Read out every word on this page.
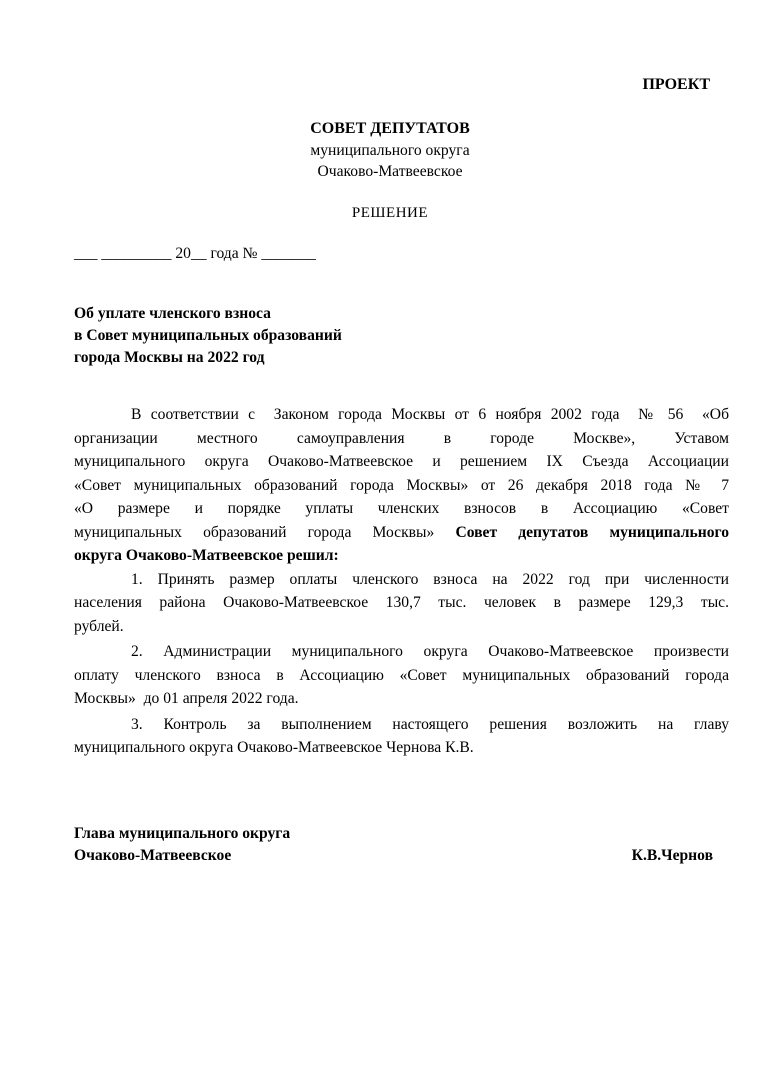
ПРОЕКТ
СОВЕТ ДЕПУТАТОВ
муниципального округа
Очаково-Матвеевское
РЕШЕНИЕ
___ _________ 20__ года № _______
Об уплате членского взноса
в Совет муниципальных образований
города Москвы на 2022 год
В соответствии с  Законом города Москвы от 6 ноября 2002 года  № 56  «Об
организации местного самоуправления в городе Москве», Уставом
муниципального округа Очаково-Матвеевское и решением IX Съезда Ассоциации
«Совет муниципальных образований города Москвы» от 26 декабря 2018 года № 7
«О размере и порядке уплаты членских взносов в Ассоциацию «Совет
муниципальных образований города Москвы» Совет депутатов муниципального
округа Очаково-Матвеевское решил:
1. Принять размер оплаты членского взноса на 2022 год при численности
населения района Очаково-Матвеевское 130,7 тыс. человек в размере 129,3 тыс.
рублей.
2. Администрации муниципального округа Очаково-Матвеевское произвести
оплату членского взноса в Ассоциацию «Совет муниципальных образований города
Москвы»  до 01 апреля 2022 года.
3. Контроль за выполнением настоящего решения возложить на главу
муниципального округа Очаково-Матвеевское Чернова К.В.
Глава муниципального округа
Очаково-Матвеевское	К.В.Чернов
